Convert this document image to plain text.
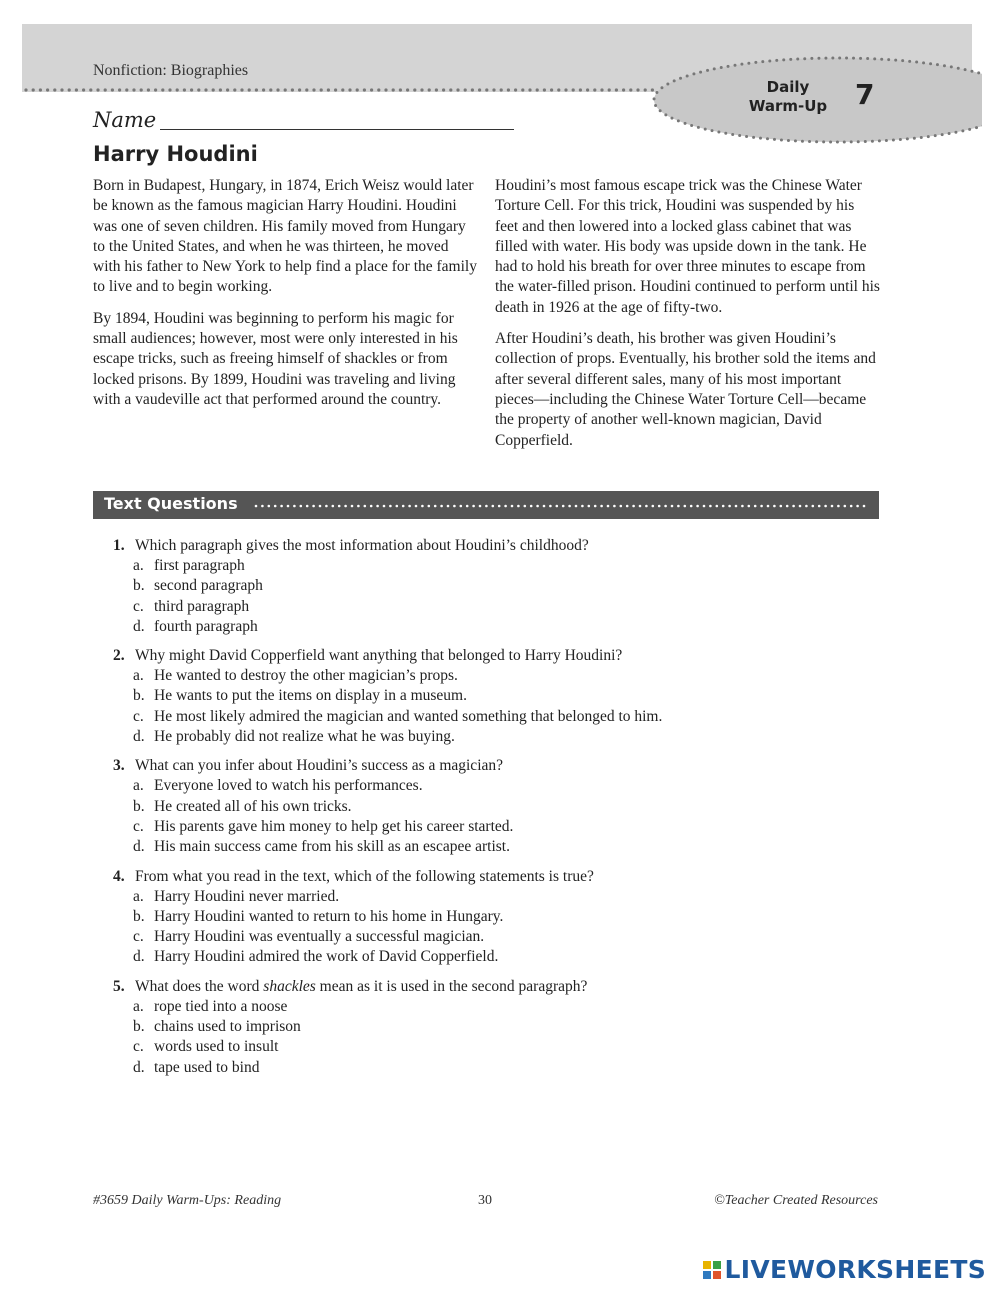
Nonfiction: Biographies
Daily Warm-Up 7
Name
Harry Houdini

Born in Budapest, Hungary, in 1874, Erich Weisz would later be known as the famous magician Harry Houdini. Houdini was one of seven children. His family moved from Hungary to the United States, and when he was thirteen, he moved with his father to New York to help find a place for the family to live and to begin working.

By 1894, Houdini was beginning to perform his magic for small audiences; however, most were only interested in his escape tricks, such as freeing himself of shackles or from locked prisons. By 1899, Houdini was traveling and living with a vaudeville act that performed around the country.

Houdini’s most famous escape trick was the Chinese Water Torture Cell. For this trick, Houdini was suspended by his feet and then lowered into a locked glass cabinet that was filled with water. His body was upside down in the tank. He had to hold his breath for over three minutes to escape from the water-filled prison. Houdini continued to perform until his death in 1926 at the age of fifty-two.

After Houdini’s death, his brother was given Houdini’s collection of props. Eventually, his brother sold the items and after several different sales, many of his most important pieces—including the Chinese Water Torture Cell—became the property of another well-known magician, David Copperfield.

Text Questions
1. Which paragraph gives the most information about Houdini’s childhood?
a. first paragraph
b. second paragraph
c. third paragraph
d. fourth paragraph
2. Why might David Copperfield want anything that belonged to Harry Houdini?
a. He wanted to destroy the other magician’s props.
b. He wants to put the items on display in a museum.
c. He most likely admired the magician and wanted something that belonged to him.
d. He probably did not realize what he was buying.
3. What can you infer about Houdini’s success as a magician?
a. Everyone loved to watch his performances.
b. He created all of his own tricks.
c. His parents gave him money to help get his career started.
d. His main success came from his skill as an escapee artist.
4. From what you read in the text, which of the following statements is true?
a. Harry Houdini never married.
b. Harry Houdini wanted to return to his home in Hungary.
c. Harry Houdini was eventually a successful magician.
d. Harry Houdini admired the work of David Copperfield.
5. What does the word shackles mean as it is used in the second paragraph?
a. rope tied into a noose
b. chains used to imprison
c. words used to insult
d. tape used to bind
#3659 Daily Warm-Ups: Reading	30	©Teacher Created Resources
LIVEWORKSHEETS
